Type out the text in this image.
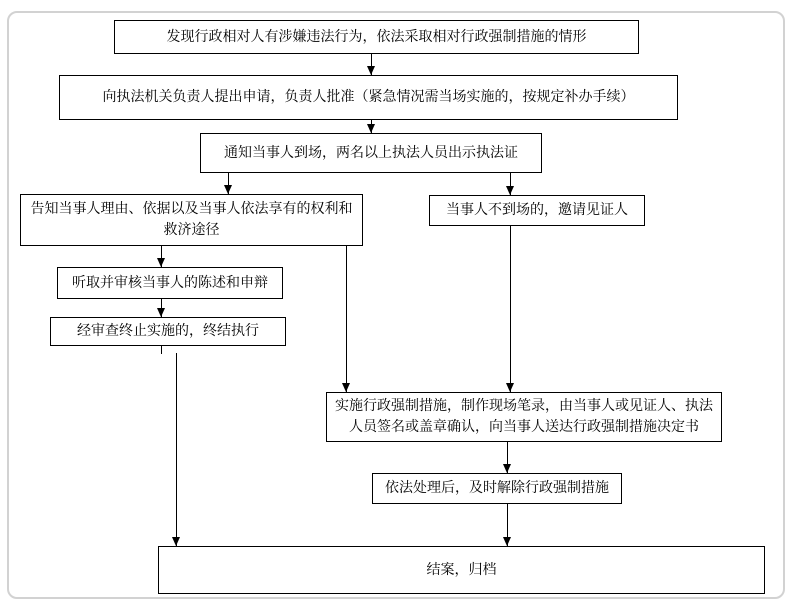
发现行政相对人有涉嫌违法行为，依法采取相对行政强制措施的情形
向执法机关负责人提出申请，负责人批准（紧急情况需当场实施的，按规定补办手续）
通知当事人到场，两名以上执法人员出示执法证
告知当事人理由、依据以及当事人依法享有的权利和救济途径
当事人不到场的，邀请见证人
听取并审核当事人的陈述和申辩
经审查终止实施的，终结执行
实施行政强制措施，制作现场笔录，由当事人或见证人、执法人员签名或盖章确认，向当事人送达行政强制措施决定书
依法处理后，及时解除行政强制措施
结案，归档
